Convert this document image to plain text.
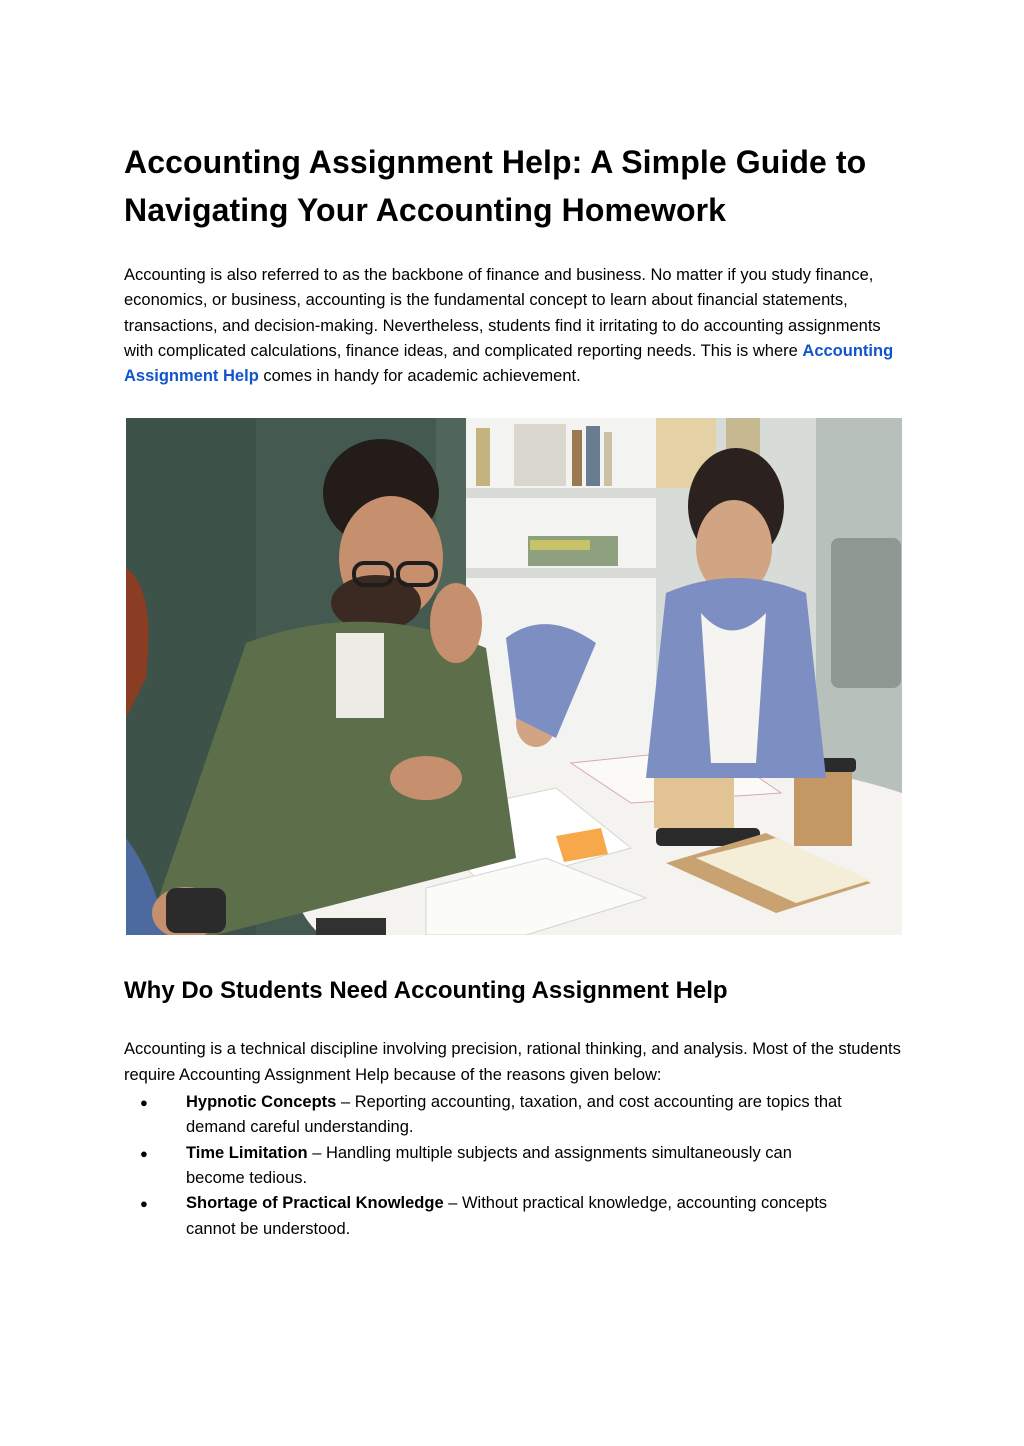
Accounting Assignment Help: A Simple Guide to Navigating Your Accounting Homework

Accounting is also referred to as the backbone of finance and business. No matter if you study finance, economics, or business, accounting is the fundamental concept to learn about financial statements, transactions, and decision-making. Nevertheless, students find it irritating to do accounting assignments with complicated calculations, finance ideas, and complicated reporting needs. This is where Accounting Assignment Help comes in handy for academic achievement.

Why Do Students Need Accounting Assignment Help

Accounting is a technical discipline involving precision, rational thinking, and analysis. Most of the students require Accounting Assignment Help because of the reasons given below:

● Hypnotic Concepts – Reporting accounting, taxation, and cost accounting are topics that demand careful understanding.
● Time Limitation – Handling multiple subjects and assignments simultaneously can become tedious.
● Shortage of Practical Knowledge – Without practical knowledge, accounting concepts cannot be understood.
